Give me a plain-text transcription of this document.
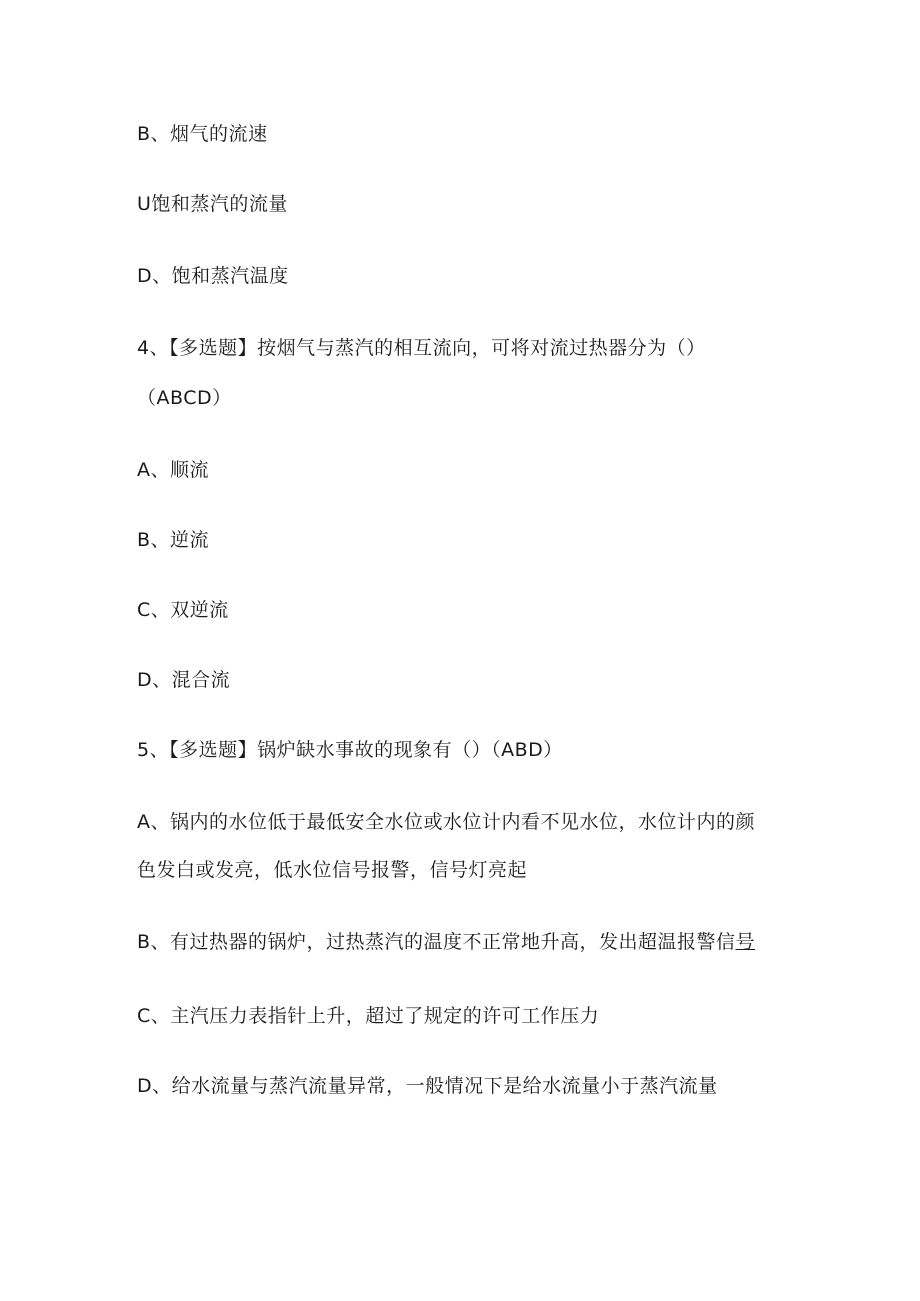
B、烟气的流速
U饱和蒸汽的流量
D、饱和蒸汽温度
4、【多选题】按烟气与蒸汽的相互流向，可将对流过热器分为（）
（ABCD）
A、顺流
B、逆流
C、双逆流
D、混合流
5、【多选题】锅炉缺水事故的现象有（）（ABD）
A、锅内的水位低于最低安全水位或水位计内看不见水位，水位计内的颜
色发白或发亮，低水位信号报警，信号灯亮起
B、有过热器的锅炉，过热蒸汽的温度不正常地升高，发出超温报警信号
C、主汽压力表指针上升，超过了规定的许可工作压力
D、给水流量与蒸汽流量异常，一般情况下是给水流量小于蒸汽流量
